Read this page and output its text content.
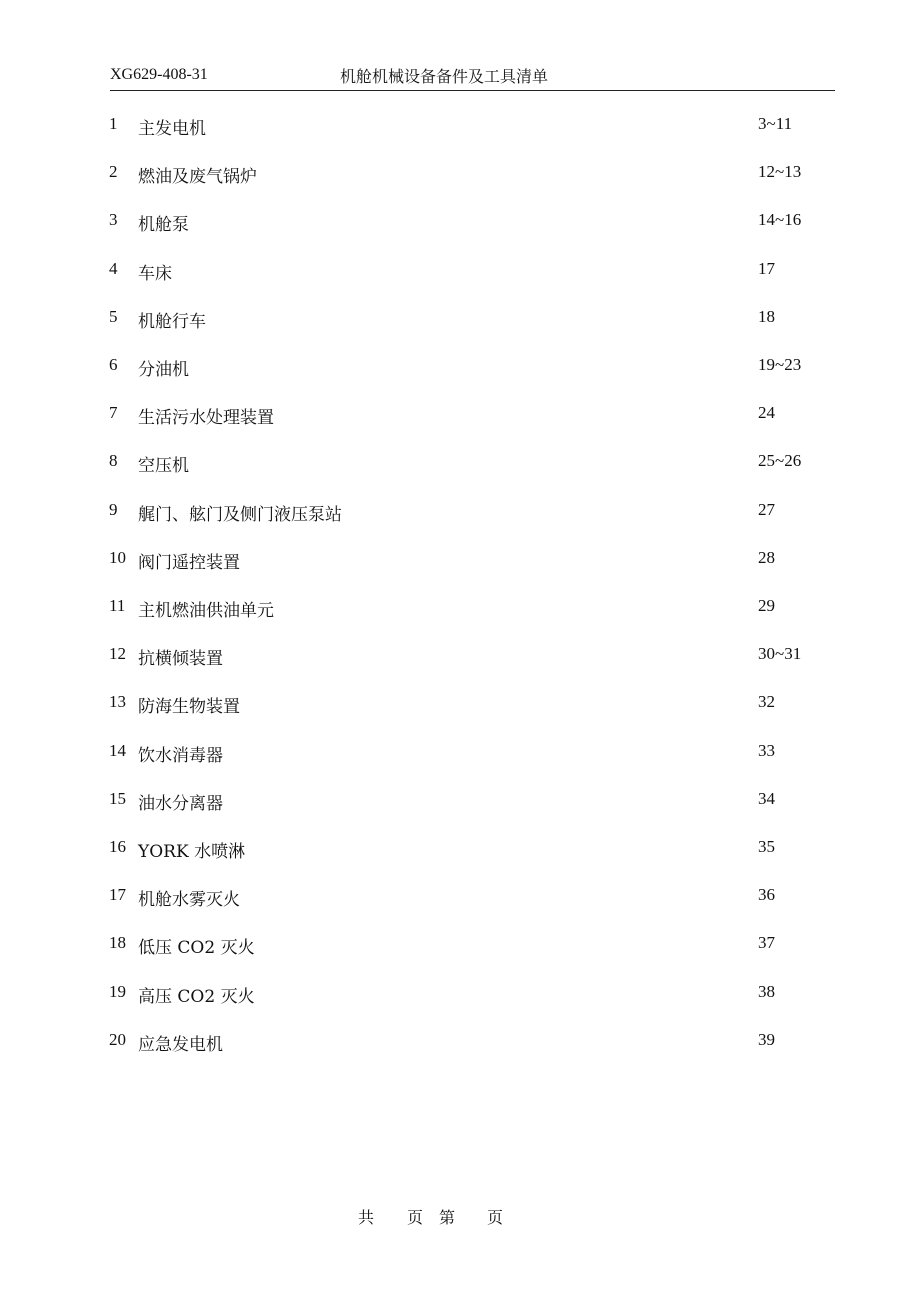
XG629-408-31	机舱机械设备备件及工具清单
1 主发电机	3~11
2 燃油及废气锅炉	12~13
3 机舱泵	14~16
4 车床	17
5 机舱行车	18
6 分油机	19~23
7 生活污水处理装置	24
8 空压机	25~26
9 艉门、舷门及侧门液压泵站	27
10 阀门遥控装置	28
11 主机燃油供油单元	29
12 抗横倾装置	30~31
13 防海生物装置	32
14 饮水消毒器	33
15 油水分离器	34
16 YORK 水喷淋	35
17 机舱水雾灭火	36
18 低压 CO2 灭火	37
19 高压 CO2 灭火	38
20 应急发电机	39
共 页 第 页
